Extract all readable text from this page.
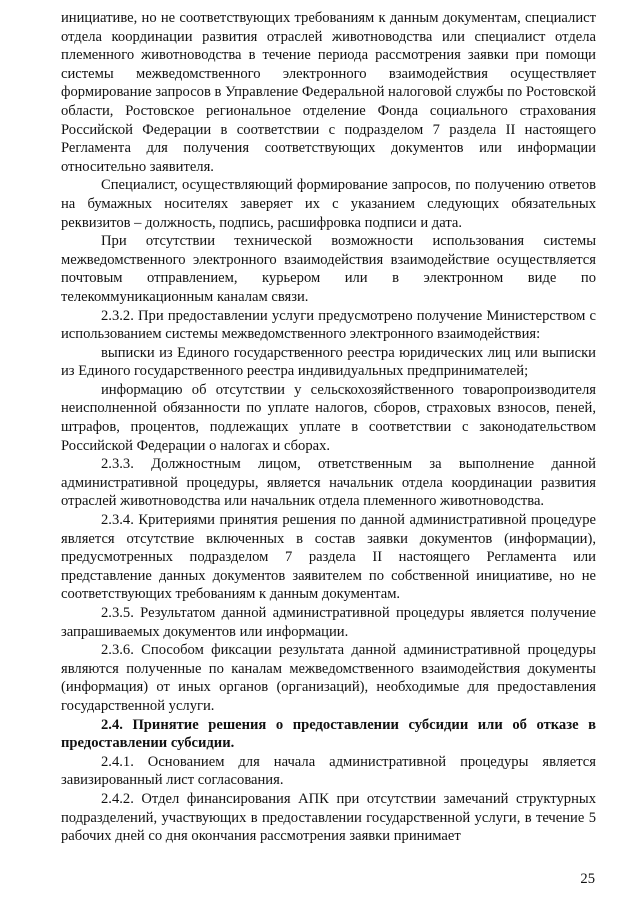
инициативе, но не соответствующих требованиям к данным документам, специалист отдела координации развития отраслей животноводства или специалист отдела племенного животноводства в течение периода рассмотрения заявки при помощи системы межведомственного электронного взаимодействия осуществляет формирование запросов в Управление Федеральной налоговой службы по Ростовской области, Ростовское региональное отделение Фонда социального страхования Российской Федерации в соответствии с подразделом 7 раздела II настоящего Регламента для получения соответствующих документов или информации относительно заявителя.

Специалист, осуществляющий формирование запросов, по получению ответов на бумажных носителях заверяет их с указанием следующих обязательных реквизитов – должность, подпись, расшифровка подписи и дата.

При отсутствии технической возможности использования системы межведомственного электронного взаимодействия взаимодействие осуществляется почтовым отправлением, курьером или в электронном виде по телекоммуникационным каналам связи.

2.3.2. При предоставлении услуги предусмотрено получение Министерством с использованием системы межведомственного электронного взаимодействия:

выписки из Единого государственного реестра юридических лиц или выписки из Единого государственного реестра индивидуальных предпринимателей;

информацию об отсутствии у сельскохозяйственного товаропроизводителя неисполненной обязанности по уплате налогов, сборов, страховых взносов, пеней, штрафов, процентов, подлежащих уплате в соответствии с законодательством Российской Федерации о налогах и сборах.

2.3.3. Должностным лицом, ответственным за выполнение данной административной процедуры, является начальник отдела координации развития отраслей животноводства или начальник отдела племенного животноводства.

2.3.4. Критериями принятия решения по данной административной процедуре является отсутствие включенных в состав заявки документов (информации), предусмотренных подразделом 7 раздела II настоящего Регламента или представление данных документов заявителем по собственной инициативе, но не соответствующих требованиям к данным документам.

2.3.5. Результатом данной административной процедуры является получение запрашиваемых документов или информации.

2.3.6. Способом фиксации результата данной административной процедуры являются полученные по каналам межведомственного взаимодействия документы (информация) от иных органов (организаций), необходимые для предоставления государственной услуги.

2.4. Принятие решения о предоставлении субсидии или об отказе в предоставлении субсидии.

2.4.1. Основанием для начала административной процедуры является завизированный лист согласования.

2.4.2. Отдел финансирования АПК при отсутствии замечаний структурных подразделений, участвующих в предоставлении государственной услуги, в течение 5 рабочих дней со дня окончания рассмотрения заявки принимает

25
